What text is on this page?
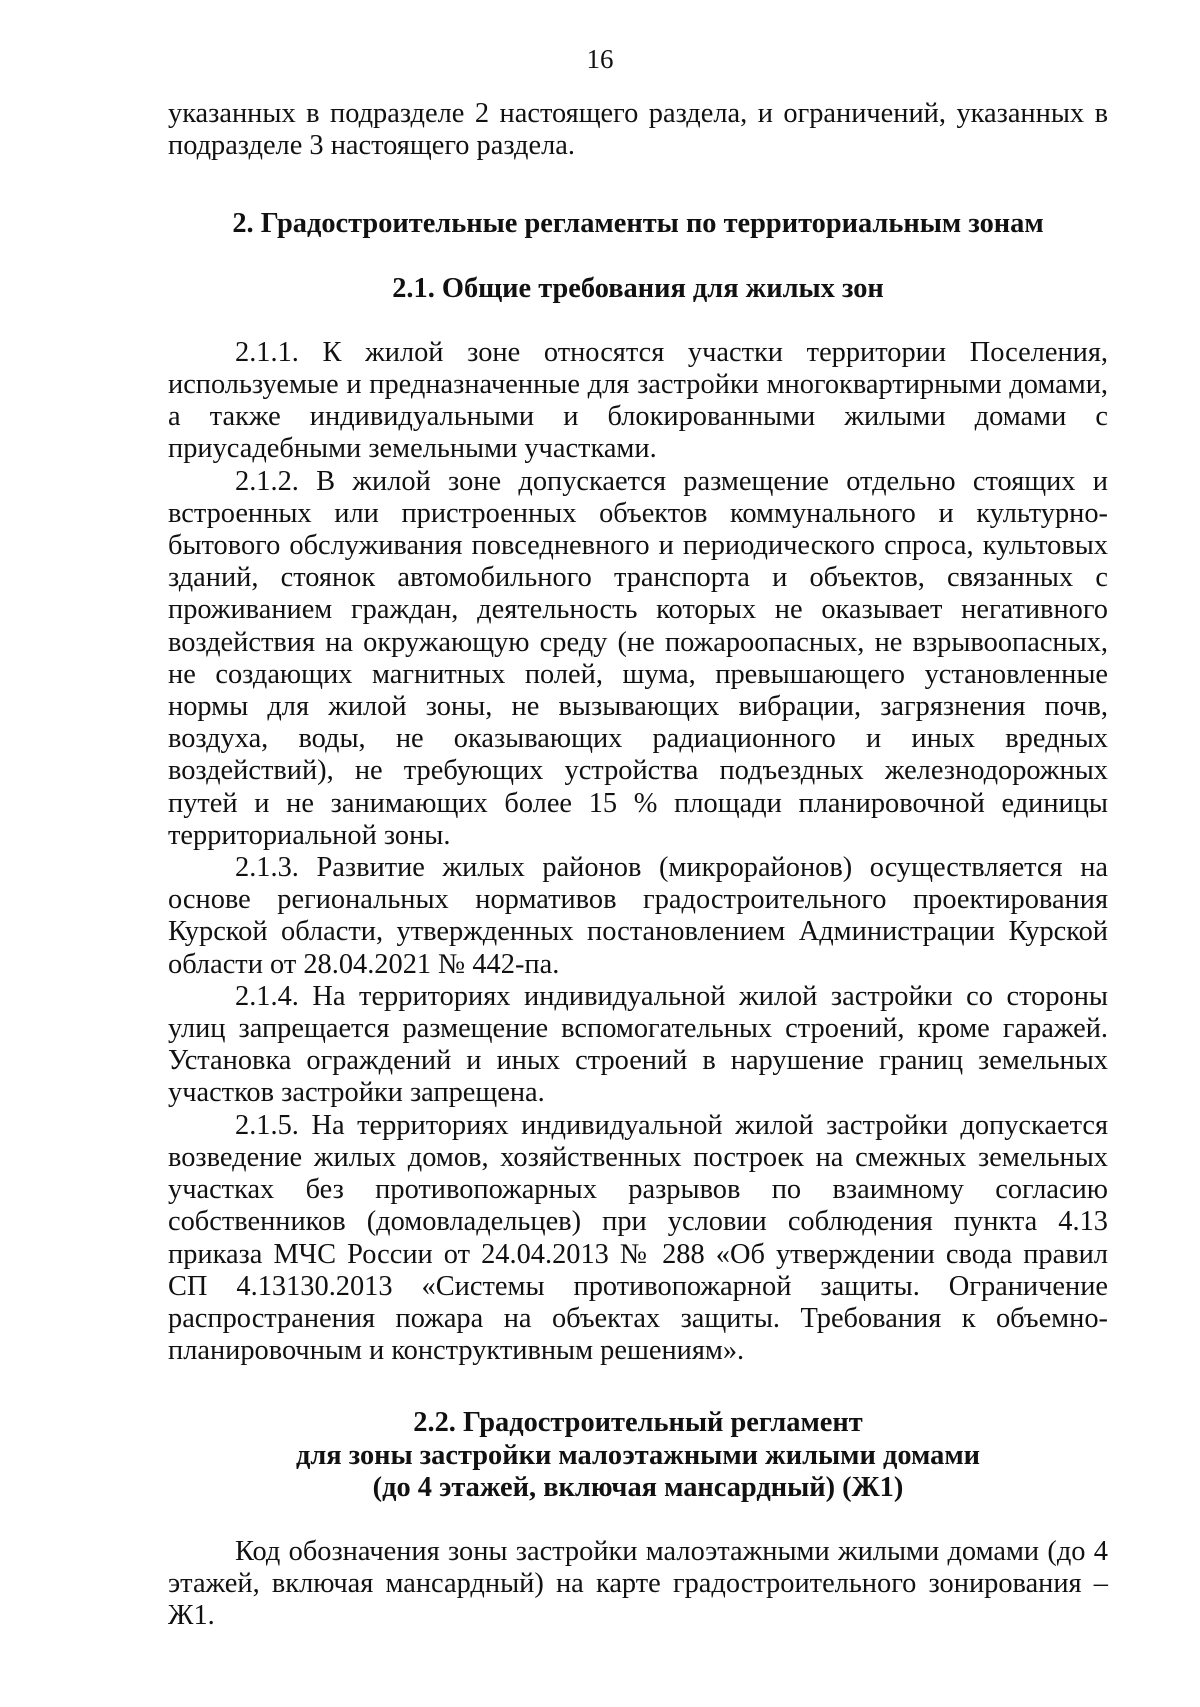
16

указанных в подразделе 2 настоящего раздела, и ограничений, указанных в подразделе 3 настоящего раздела.

2. Градостроительные регламенты по территориальным зонам
2.1. Общие требования для жилых зон

2.1.1. К жилой зоне относятся участки территории Поселения, используемые и предназначенные для застройки многоквартирными домами, а также индивидуальными и блокированными жилыми домами с приусадебными земельными участками.

2.1.2. В жилой зоне допускается размещение отдельно стоящих и встроенных или пристроенных объектов коммунального и культурно-бытового обслуживания повседневного и периодического спроса, культовых зданий, стоянок автомобильного транспорта и объектов, связанных с проживанием граждан, деятельность которых не оказывает негативного воздействия на окружающую среду (не пожароопасных, не взрывоопасных, не создающих магнитных полей, шума, превышающего установленные нормы для жилой зоны, не вызывающих вибрации, загрязнения почв, воздуха, воды, не оказывающих радиационного и иных вредных воздействий), не требующих устройства подъездных железнодорожных путей и не занимающих более 15 % площади планировочной единицы территориальной зоны.

2.1.3. Развитие жилых районов (микрорайонов) осуществляется на основе региональных нормативов градостроительного проектирования Курской области, утвержденных постановлением Администрации Курской области от 28.04.2021 № 442-па.

2.1.4. На территориях индивидуальной жилой застройки со стороны улиц запрещается размещение вспомогательных строений, кроме гаражей. Установка ограждений и иных строений в нарушение границ земельных участков застройки запрещена.

2.1.5. На территориях индивидуальной жилой застройки допускается возведение жилых домов, хозяйственных построек на смежных земельных участках без противопожарных разрывов по взаимному согласию собственников (домовладельцев) при условии соблюдения пункта 4.13 приказа МЧС России от 24.04.2013 № 288 «Об утверждении свода правил СП 4.13130.2013 «Системы противопожарной защиты. Ограничение распространения пожара на объектах защиты. Требования к объемно-планировочным и конструктивным решениям».

2.2. Градостроительный регламент
для зоны застройки малоэтажными жилыми домами
(до 4 этажей, включая мансардный) (Ж1)

Код обозначения зоны застройки малоэтажными жилыми домами (до 4 этажей, включая мансардный) на карте градостроительного зонирования – Ж1.
